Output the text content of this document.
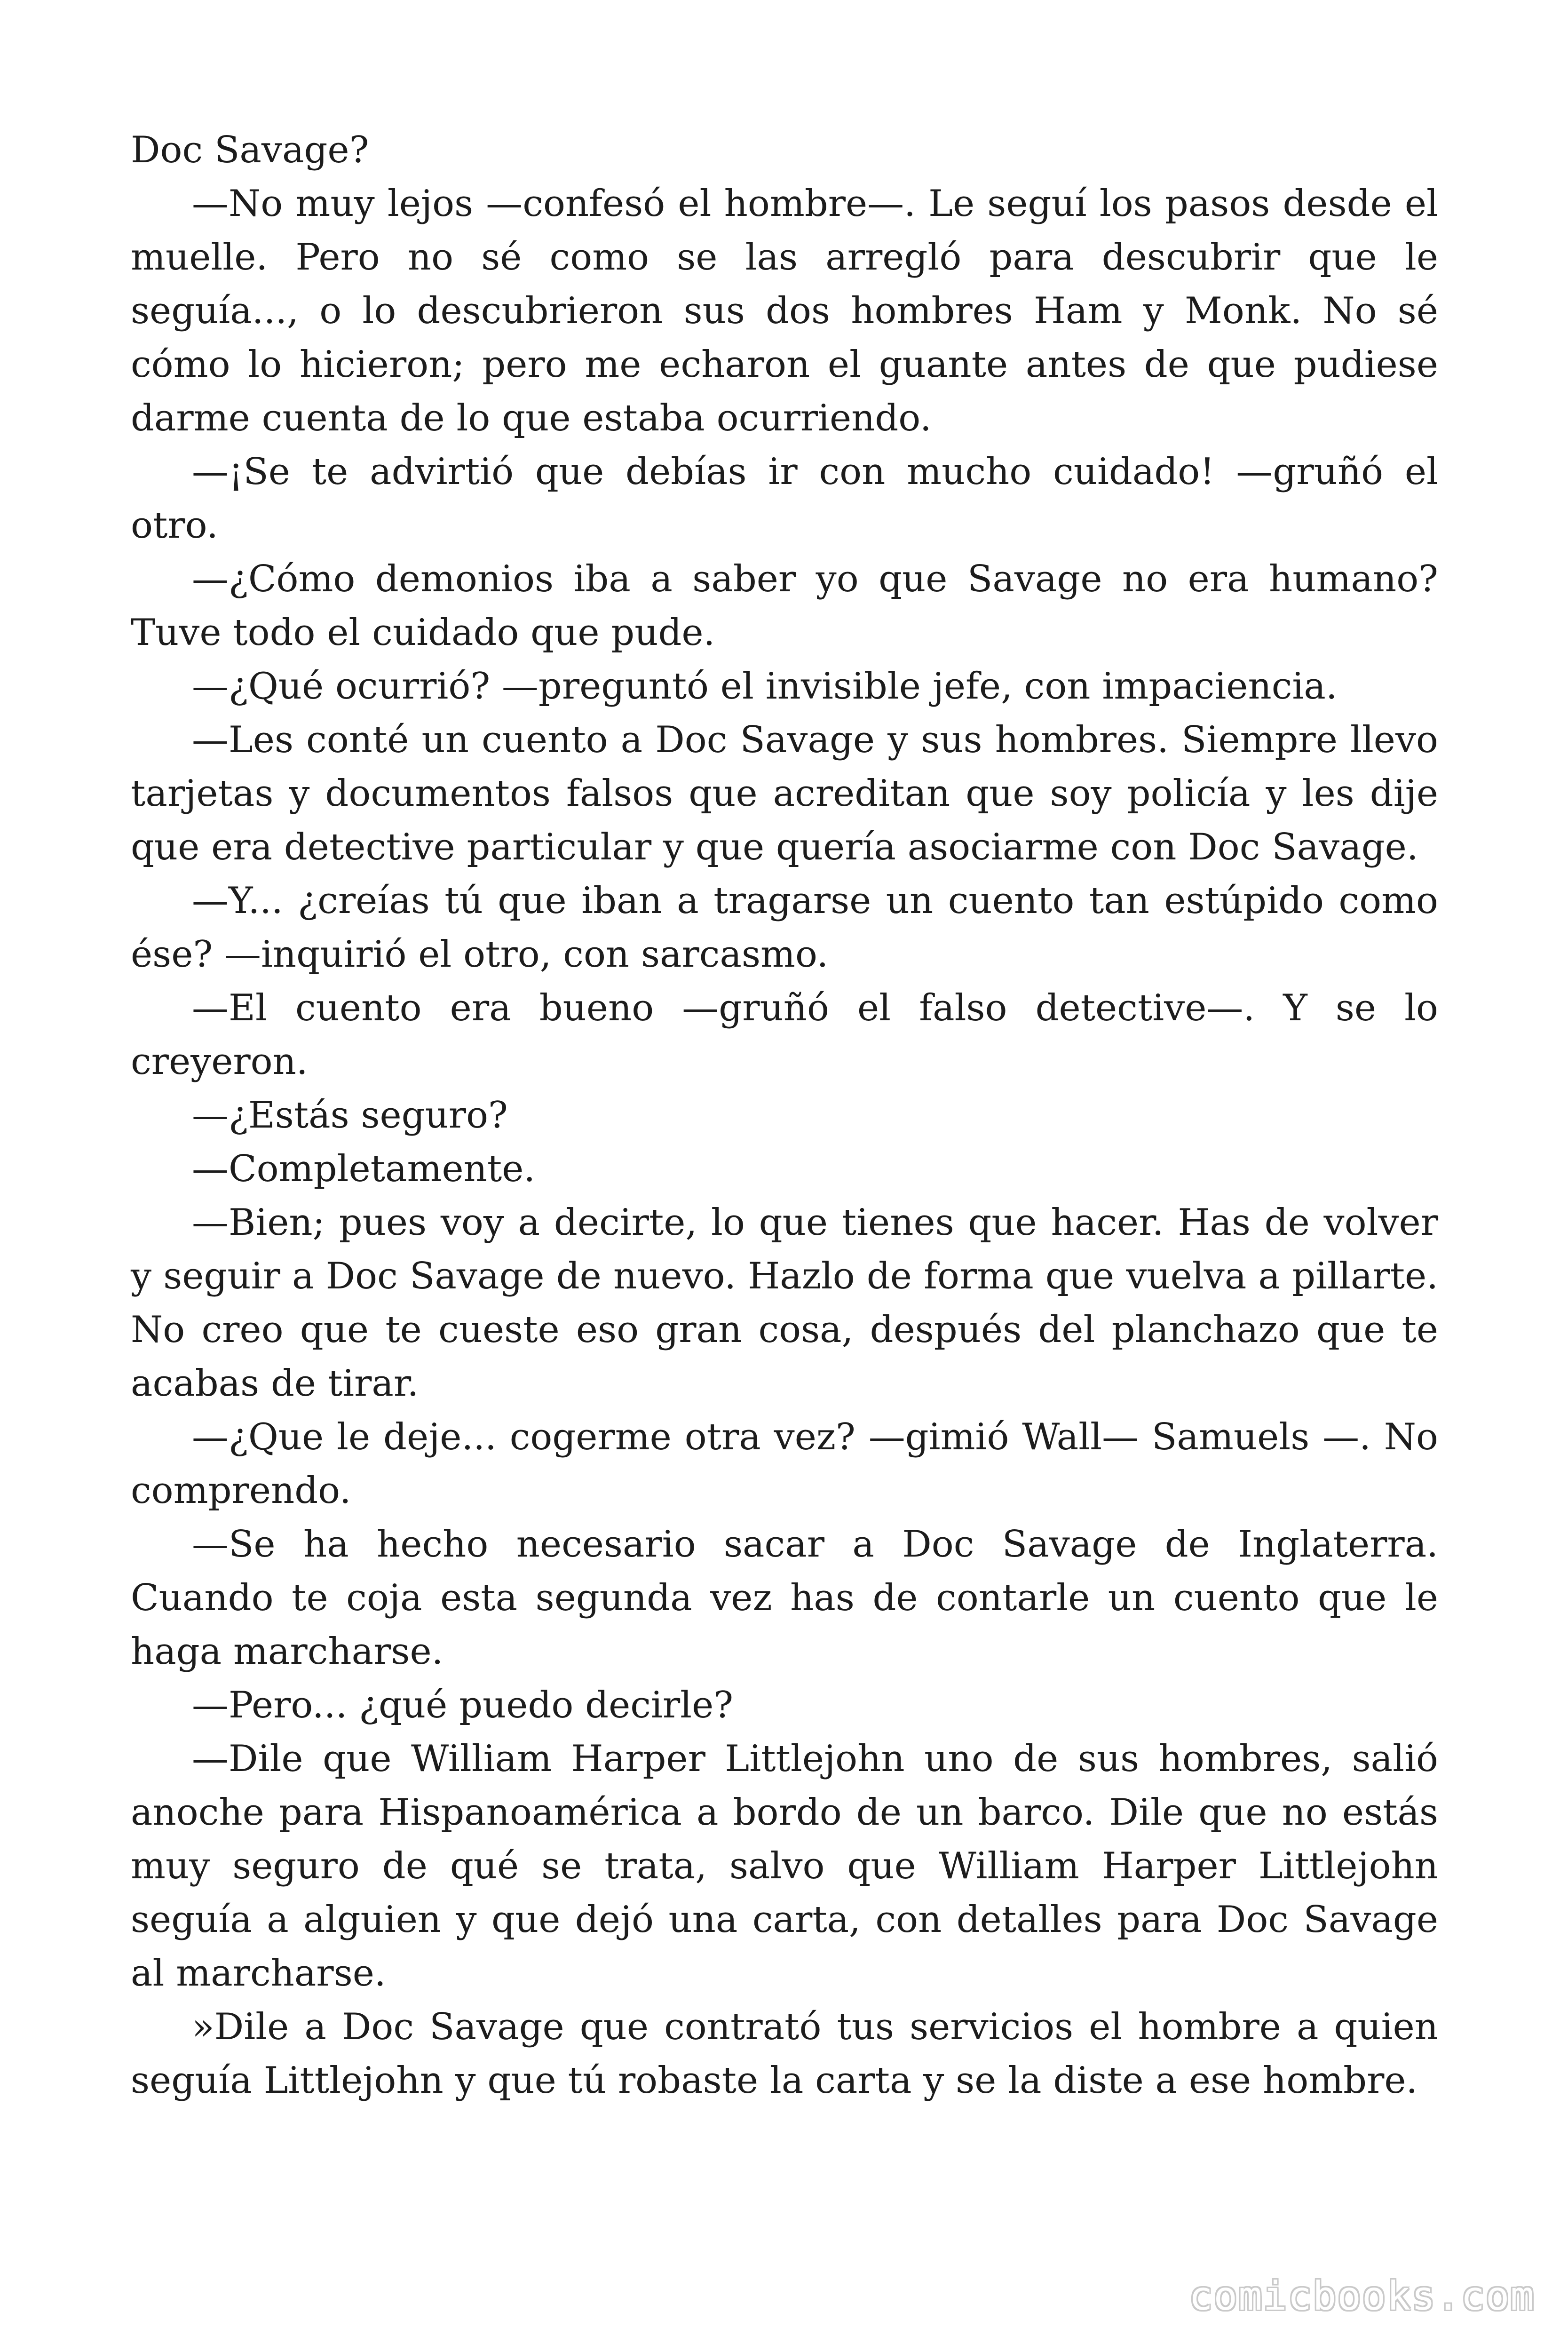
Doc Savage?

—No muy lejos —confesó el hombre—. Le seguí los pasos desde el muelle. Pero no sé como se las arregló para descubrir que le seguía..., o lo descubrieron sus dos hombres Ham y Monk. No sé cómo lo hicieron; pero me echaron el guante antes de que pudiese darme cuenta de lo que estaba ocurriendo.

—¡Se te advirtió que debías ir con mucho cuidado! —gruñó el otro.

—¿Cómo demonios iba a saber yo que Savage no era humano? Tuve todo el cuidado que pude.

—¿Qué ocurrió? —preguntó el invisible jefe, con impaciencia.

—Les conté un cuento a Doc Savage y sus hombres. Siempre llevo tarjetas y documentos falsos que acreditan que soy policía y les dije que era detective particular y que quería asociarme con Doc Savage.

—Y... ¿creías tú que iban a tragarse un cuento tan estúpido como ése? —inquirió el otro, con sarcasmo.

—El cuento era bueno —gruñó el falso detective—. Y se lo creyeron.

—¿Estás seguro?

—Completamente.

—Bien; pues voy a decirte, lo que tienes que hacer. Has de volver y seguir a Doc Savage de nuevo. Hazlo de forma que vuelva a pillarte. No creo que te cueste eso gran cosa, después del planchazo que te acabas de tirar.

—¿Que le deje... cogerme otra vez? —gimió Wall— Samuels —. No comprendo.

—Se ha hecho necesario sacar a Doc Savage de Inglaterra. Cuando te coja esta segunda vez has de contarle un cuento que le haga marcharse.

—Pero... ¿qué puedo decirle?

—Dile que William Harper Littlejohn uno de sus hombres, salió anoche para Hispanoamérica a bordo de un barco. Dile que no estás muy seguro de qué se trata, salvo que William Harper Littlejohn seguía a alguien y que dejó una carta, con detalles para Doc Savage al marcharse.

»Dile a Doc Savage que contrató tus servicios el hombre a quien seguía Littlejohn y que tú robaste la carta y se la diste a ese hombre.

comicbooks.com
